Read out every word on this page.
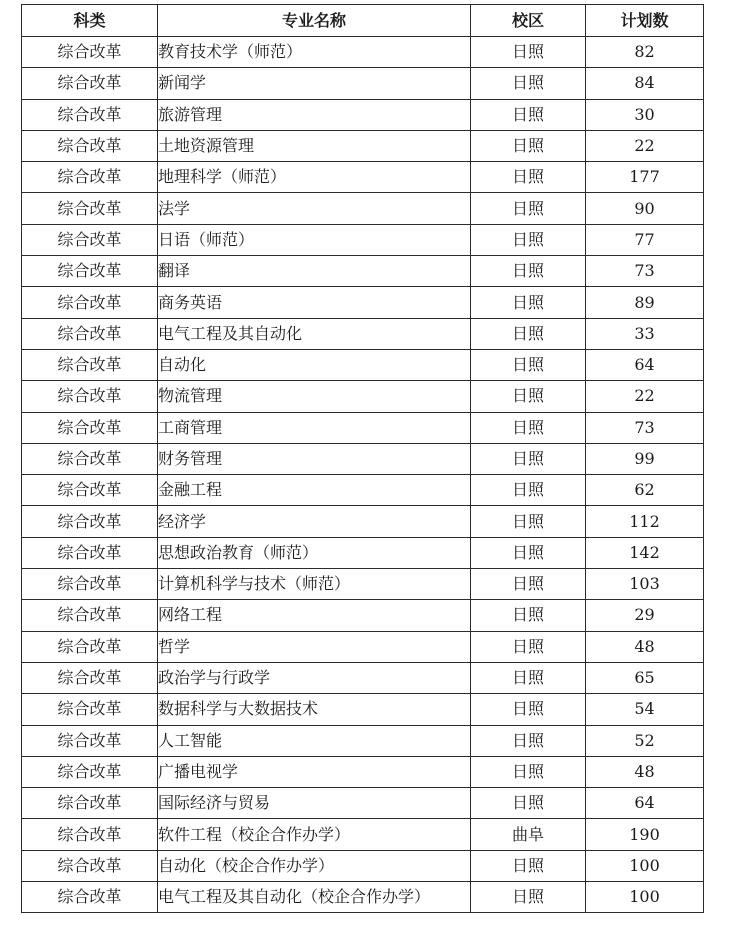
科类	专业名称	校区	计划数
综合改革	教育技术学（师范）	日照	82
综合改革	新闻学	日照	84
综合改革	旅游管理	日照	30
综合改革	土地资源管理	日照	22
综合改革	地理科学（师范）	日照	177
综合改革	法学	日照	90
综合改革	日语（师范）	日照	77
综合改革	翻译	日照	73
综合改革	商务英语	日照	89
综合改革	电气工程及其自动化	日照	33
综合改革	自动化	日照	64
综合改革	物流管理	日照	22
综合改革	工商管理	日照	73
综合改革	财务管理	日照	99
综合改革	金融工程	日照	62
综合改革	经济学	日照	112
综合改革	思想政治教育（师范）	日照	142
综合改革	计算机科学与技术（师范）	日照	103
综合改革	网络工程	日照	29
综合改革	哲学	日照	48
综合改革	政治学与行政学	日照	65
综合改革	数据科学与大数据技术	日照	54
综合改革	人工智能	日照	52
综合改革	广播电视学	日照	48
综合改革	国际经济与贸易	日照	64
综合改革	软件工程（校企合作办学）	曲阜	190
综合改革	自动化（校企合作办学）	日照	100
综合改革	电气工程及其自动化（校企合作办学）	日照	100
